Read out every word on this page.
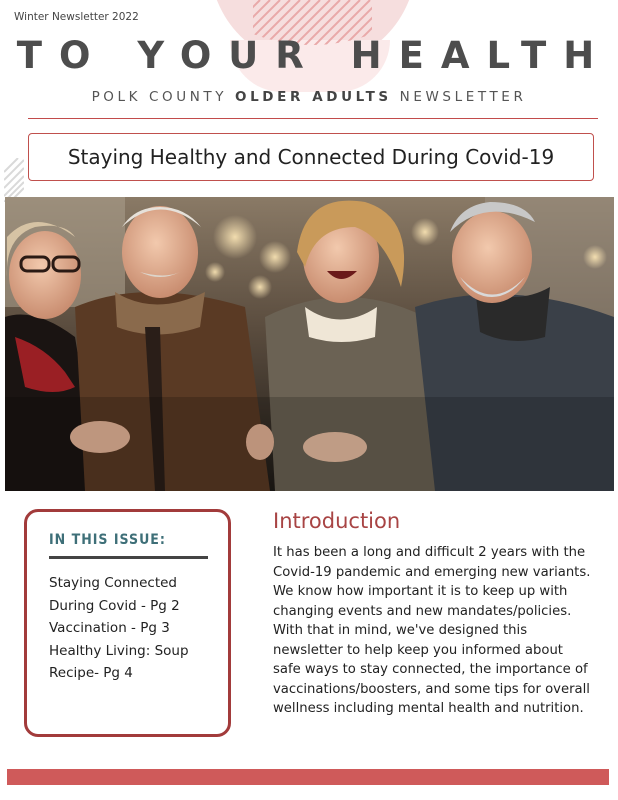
Winter Newsletter 2022
TO YOUR HEALTH
POLK COUNTY OLDER ADULTS NEWSLETTER
Staying Healthy and Connected During Covid-19
IN THIS ISSUE:
Staying Connected During Covid - Pg 2
Vaccination - Pg 3
Healthy Living: Soup Recipe- Pg 4
Introduction

It has been a long and difficult 2 years with the Covid-19 pandemic and emerging new variants. We know how important it is to keep up with changing events and new mandates/policies. With that in mind, we've designed this newsletter to help keep you informed about safe ways to stay connected, the importance of vaccinations/boosters, and some tips for overall wellness including mental health and nutrition.
